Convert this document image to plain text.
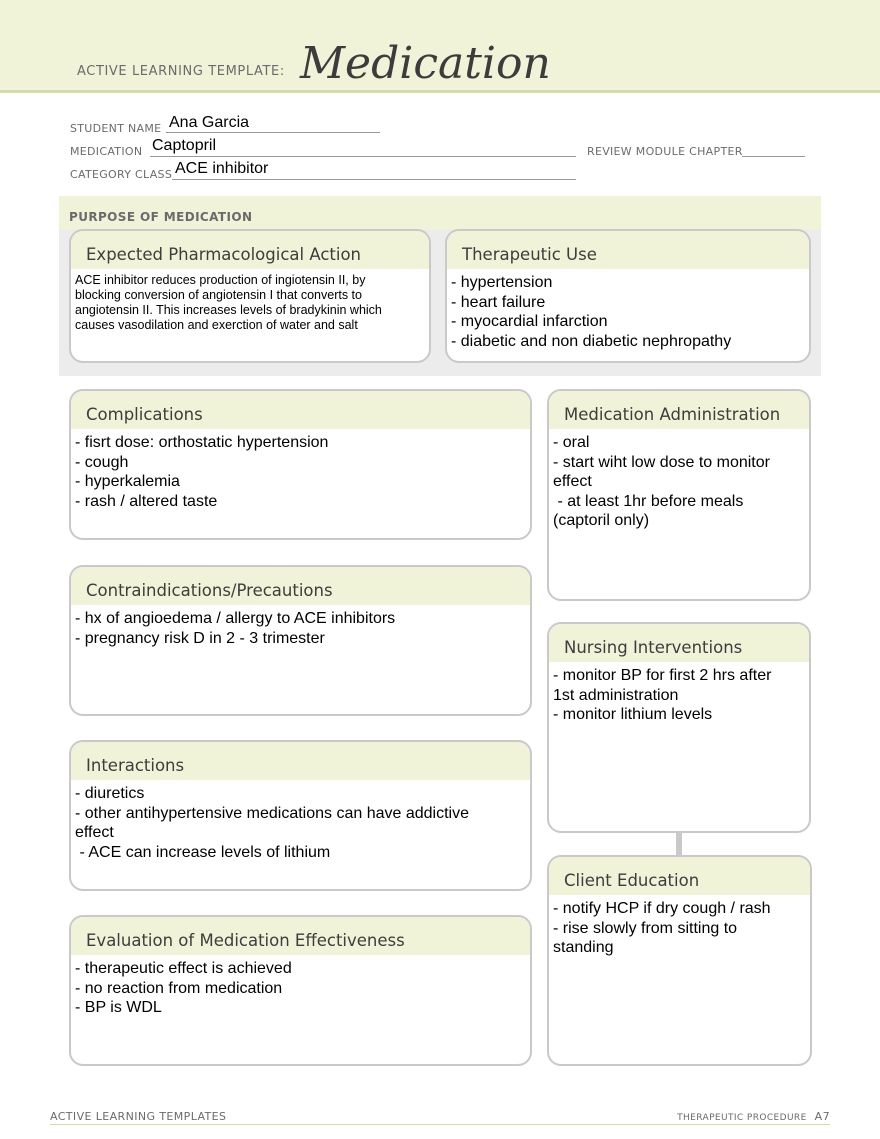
ACTIVE LEARNING TEMPLATE: Medication
STUDENT NAME Ana Garcia
MEDICATION Captopril	REVIEW MODULE CHAPTER
CATEGORY CLASS ACE inhibitor
PURPOSE OF MEDICATION
Expected Pharmacological Action
ACE inhibitor reduces production of ingiotensin II, by
blocking conversion of angiotensin I that converts to
angiotensin II. This increases levels of bradykinin which
causes vasodilation and exerction of water and salt
Therapeutic Use
- hypertension
- heart failure
- myocardial infarction
- diabetic and non diabetic nephropathy
Complications
- fisrt dose: orthostatic hypertension
- cough
- hyperkalemia
- rash / altered taste
Contraindications/Precautions
- hx of angioedema / allergy to ACE inhibitors
- pregnancy risk D in 2 - 3 trimester
Interactions
- diuretics
- other antihypertensive medications can have addictive
effect
- ACE can increase levels of lithium
Evaluation of Medication Effectiveness
- therapeutic effect is achieved
- no reaction from medication
- BP is WDL
Medication Administration
- oral
- start wiht low dose to monitor
effect
- at least 1hr before meals
(captoril only)
Nursing Interventions
- monitor BP for first 2 hrs after
1st administration
- monitor lithium levels
Client Education
- notify HCP if dry cough / rash
- rise slowly from sitting to
standing
ACTIVE LEARNING TEMPLATES	THERAPEUTIC PROCEDURE A7
